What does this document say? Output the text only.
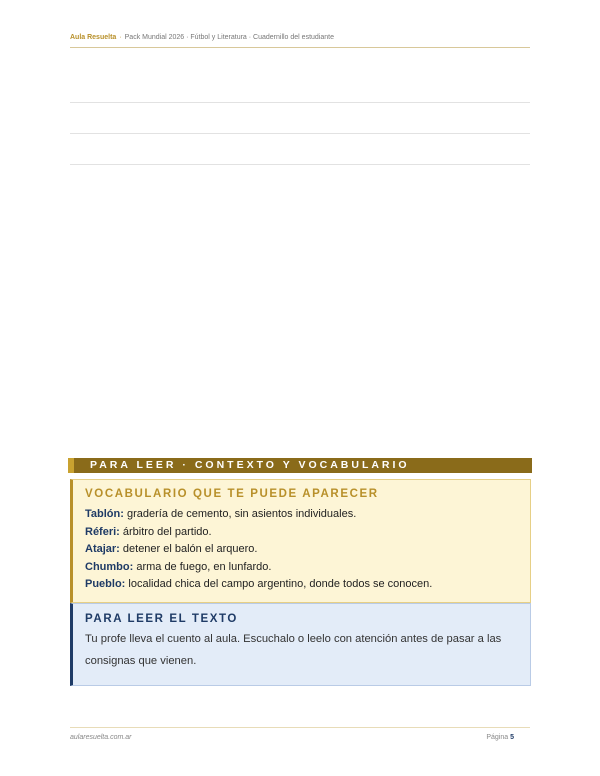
Aula Resuelta · Pack Mundial 2026 · Fútbol y Literatura · Cuadernillo del estudiante
PARA LEER · CONTEXTO Y VOCABULARIO
VOCABULARIO QUE TE PUEDE APARECER
Tablón: gradería de cemento, sin asientos individuales.
Réferi: árbitro del partido.
Atajar: detener el balón el arquero.
Chumbo: arma de fuego, en lunfardo.
Pueblo: localidad chica del campo argentino, donde todos se conocen.
PARA LEER EL TEXTO
Tu profe lleva el cuento al aula. Escuchalo o leelo con atención antes de pasar a las consignas que vienen.
aularesuelta.com.ar	Página 5
